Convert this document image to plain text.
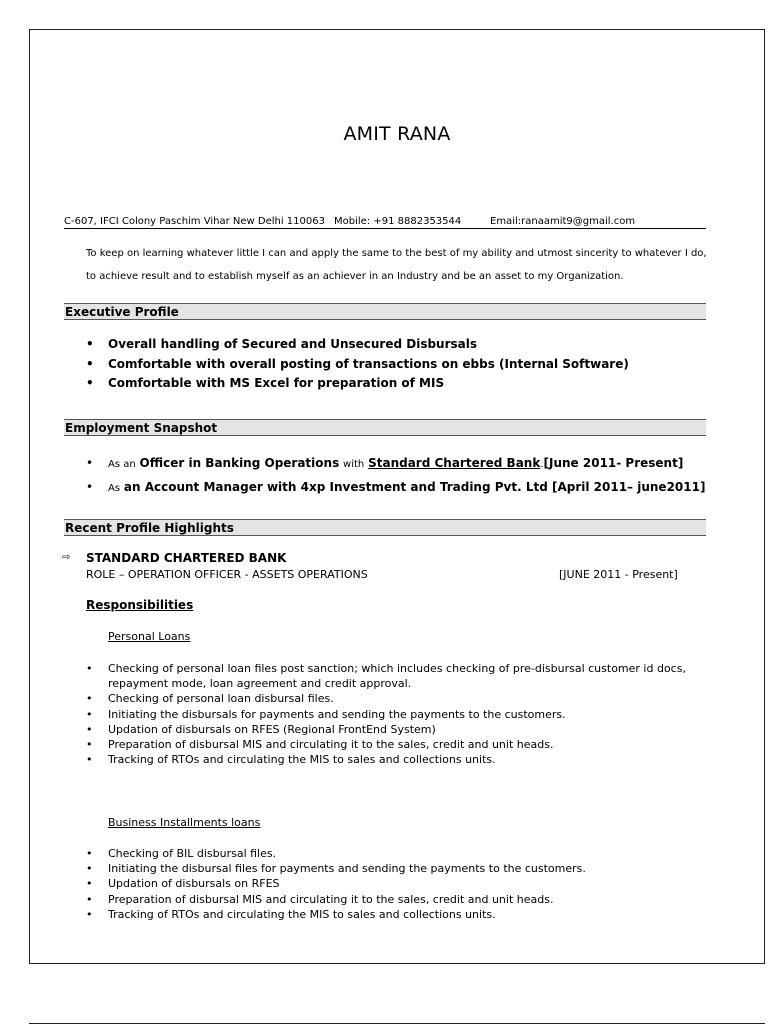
AMIT RANA
C-607, IFCI Colony Paschim Vihar New Delhi 110063 Mobile: +91 8882353544	Email:ranaamit9@gmail.com
To keep on learning whatever little I can and apply the same to the best of my ability and utmost sincerity to whatever I do, to achieve result and to establish myself as an achiever in an Industry and be an asset to my Organization.
Executive Profile
• Overall handling of Secured and Unsecured Disbursals
• Comfortable with overall posting of transactions on ebbs (Internal Software)
• Comfortable with MS Excel for preparation of MIS
Employment Snapshot
• As an Officer in Banking Operations with Standard Chartered Bank.[June 2011- Present]
• As an Account Manager with 4xp Investment and Trading Pvt. Ltd [April 2011– june2011]
Recent Profile Highlights
⇨ STANDARD CHARTERED BANK
ROLE – OPERATION OFFICER - ASSETS OPERATIONS	[JUNE 2011 - Present]
Responsibilities
Personal Loans
• Checking of personal loan files post sanction; which includes checking of pre-disbursal customer id docs, repayment mode, loan agreement and credit approval.
• Checking of personal loan disbursal files.
• Initiating the disbursals for payments and sending the payments to the customers.
• Updation of disbursals on RFES (Regional FrontEnd System)
• Preparation of disbursal MIS and circulating it to the sales, credit and unit heads.
• Tracking of RTOs and circulating the MIS to sales and collections units.
Business Installments loans
• Checking of BIL disbursal files.
• Initiating the disbursal files for payments and sending the payments to the customers.
• Updation of disbursals on RFES
• Preparation of disbursal MIS and circulating it to the sales, credit and unit heads.
• Tracking of RTOs and circulating the MIS to sales and collections units.
